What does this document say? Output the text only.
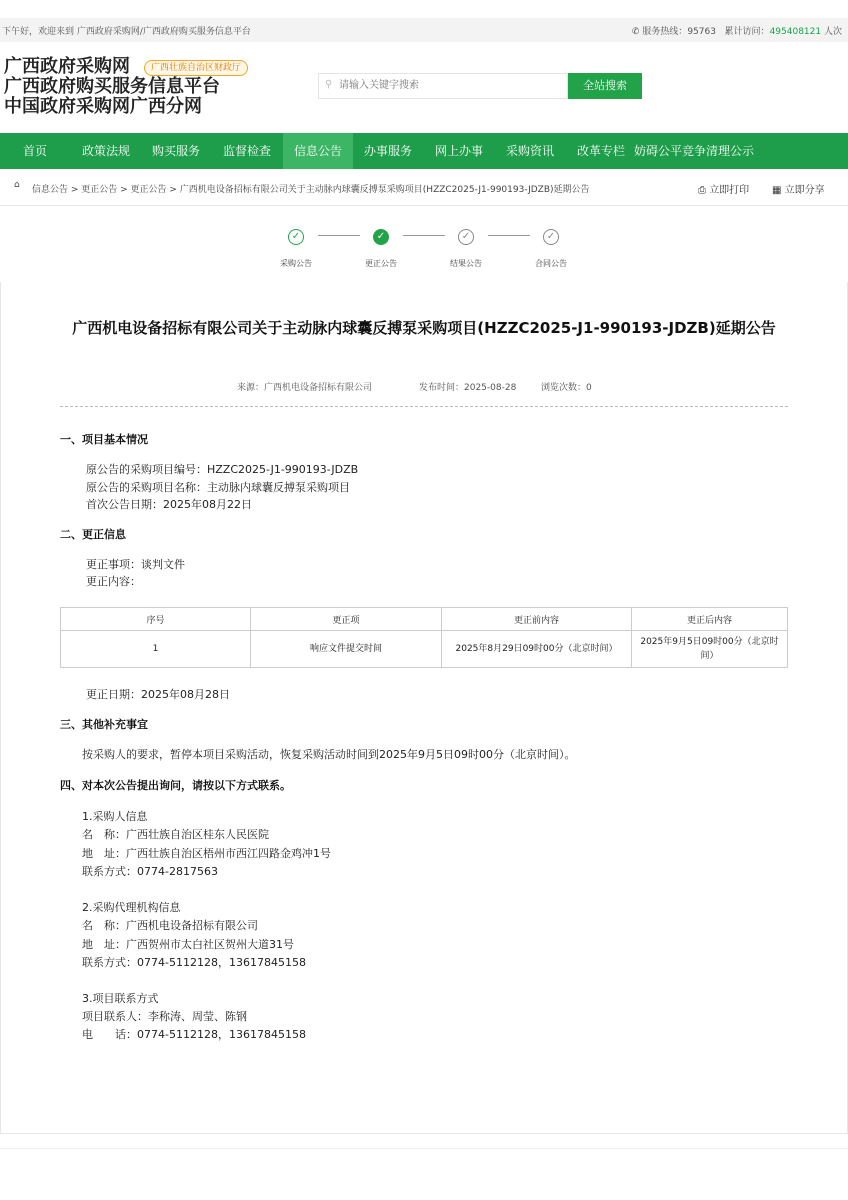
下午好，欢迎来到 广西政府采购网/广西政府购买服务信息平台	✆ 服务热线：95763 累计访问：495408121 人次
广西政府采购网	广西壮族自治区财政厅
广西政府购买服务信息平台
中国政府采购网广西分网
⚲
请输入关键字搜索	全站搜索
首页	政策法规	购买服务	监督检查	信息公告	办事服务	网上办事	采购资讯	改革专栏 妨碍公平竞争清理公示
⌂ 信息公告 > 更正公告 > 更正公告 > 广西机电设备招标有限公司关于主动脉内球囊反搏泵采购项目(HZZC2025-J1-990193-JDZB)延期公告	⎙ 立即打印 ▦ 立即分享
✓	✓	✓	✓
采购公告	更正公告	结果公告	合同公告
广西机电设备招标有限公司关于主动脉内球囊反搏泵采购项目(HZZC2025-J1-990193-JDZB)延期公告
来源：广西机电设备招标有限公司	发布时间：2025-08-28	浏览次数：0
一、项目基本情况
原公告的采购项目编号：HZZC2025-J1-990193-JDZB
原公告的采购项目名称：主动脉内球囊反搏泵采购项目
首次公告日期：2025年08月22日
二、更正信息
更正事项：谈判文件
更正内容：
序号	更正项	更正前内容	更正后内容
1	响应文件提交时间	2025年8月29日09时00分（北京时间）	2025年9月5日09时00分（北京时间）
更正日期：2025年08月28日
三、其他补充事宜
按采购人的要求，暂停本项目采购活动，恢复采购活动时间到2025年9月5日09时00分（北京时间）。
四、对本次公告提出询问，请按以下方式联系。
1.采购人信息
名　称：广西壮族自治区桂东人民医院
地　址：广西壮族自治区梧州市西江四路金鸡冲1号
联系方式：0774-2817563
2.采购代理机构信息
名　称：广西机电设备招标有限公司
地　址：广西贺州市太白社区贺州大道31号
联系方式：0774-5112128，13617845158
3.项目联系方式
项目联系人：李称涛、周莹、陈钢
电　　话：0774-5112128，13617845158
